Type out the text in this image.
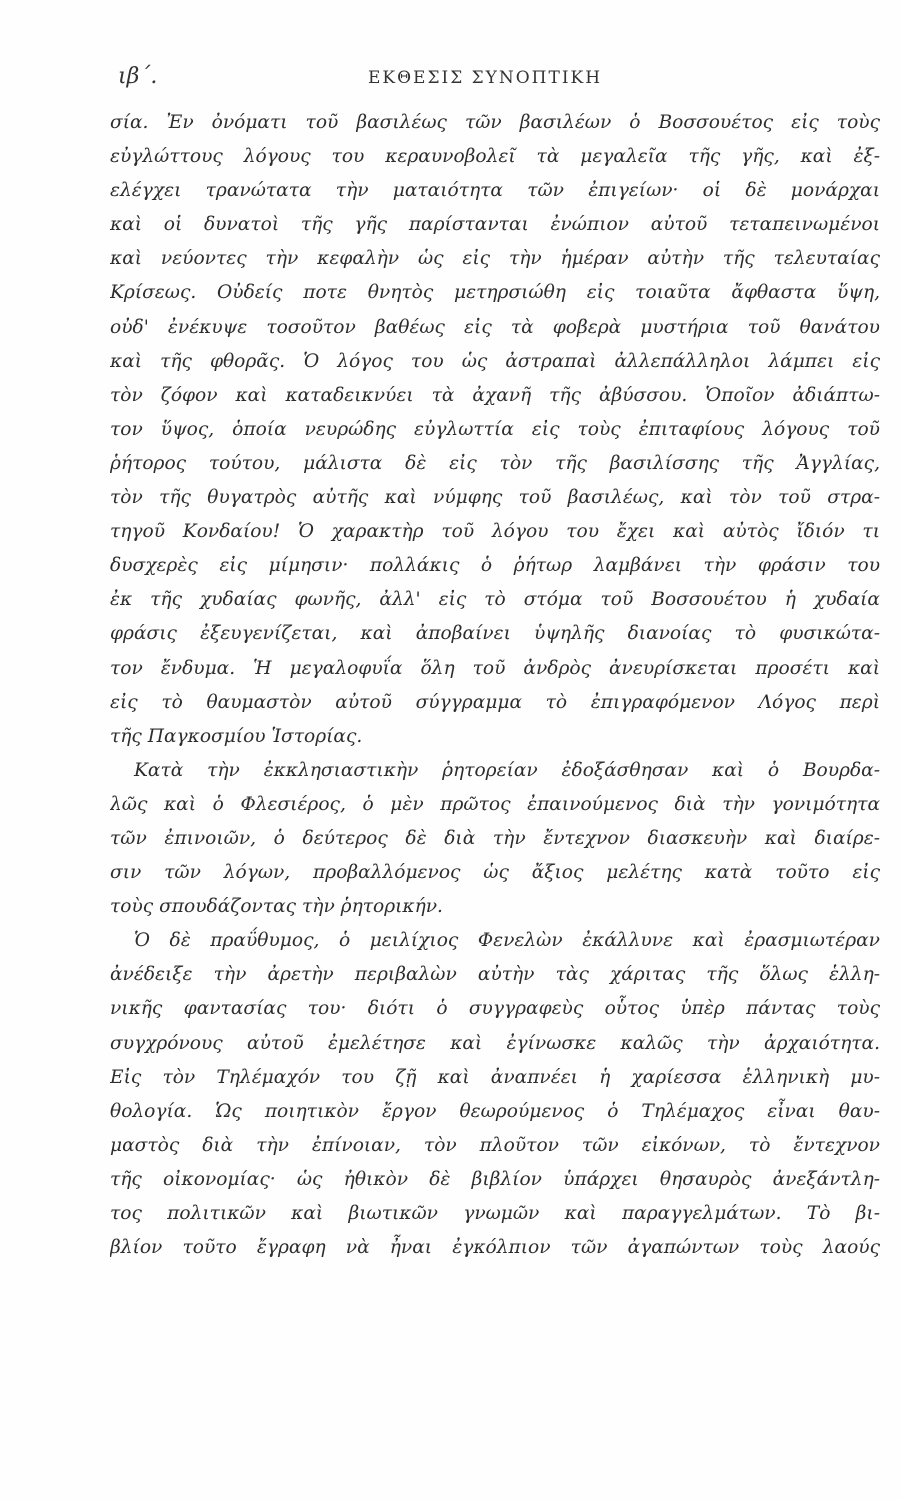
ιβ΄.	ΕΚΘΕΣΙΣ ΣΥΝΟΠΤΙΚΗ
σία. Ἐν ὀνόματι τοῦ βασιλέως τῶν βασιλέων ὁ Βοσσουέτος εἰς τοὺς
εὐγλώττους λόγους του κεραυνοβολεῖ τὰ μεγαλεῖα τῆς γῆς, καὶ ἐξ-
ελέγχει τρανώτατα τὴν ματαιότητα τῶν ἐπιγείων· οἱ δὲ μονάρχαι
καὶ οἱ δυνατοὶ τῆς γῆς παρίστανται ἐνώπιον αὐτοῦ τεταπεινωμένοι
καὶ νεύοντες τὴν κεφαλὴν ὡς εἰς τὴν ἡμέραν αὐτὴν τῆς τελευταίας
Κρίσεως. Οὐδείς ποτε θνητὸς μετηρσιώθη εἰς τοιαῦτα ἄφθαστα ὕψη,
οὐδ' ἐνέκυψε τοσοῦτον βαθέως εἰς τὰ φοβερὰ μυστήρια τοῦ θανάτου
καὶ τῆς φθορᾶς. Ὁ λόγος του ὡς ἀστραπαὶ ἀλλεπάλληλοι λάμπει εἰς
τὸν ζόφον καὶ καταδεικνύει τὰ ἀχανῆ τῆς ἀβύσσου. Ὁποῖον ἀδιάπτω-
τον ὕψος, ὁποία νευρώδης εὐγλωττία εἰς τοὺς ἐπιταφίους λόγους τοῦ
ῥήτορος τούτου, μάλιστα δὲ εἰς τὸν τῆς βασιλίσσης τῆς Ἀγγλίας,
τὸν τῆς θυγατρὸς αὐτῆς καὶ νύμφης τοῦ βασιλέως, καὶ τὸν τοῦ στρα-
τηγοῦ Κονδαίου! Ὁ χαρακτὴρ τοῦ λόγου του ἔχει καὶ αὐτὸς ἴδιόν τι
δυσχερὲς εἰς μίμησιν· πολλάκις ὁ ῥήτωρ λαμβάνει τὴν φράσιν του
ἐκ τῆς χυδαίας φωνῆς, ἀλλ' εἰς τὸ στόμα τοῦ Βοσσουέτου ἡ χυδαία
φράσις ἐξευγενίζεται, καὶ ἀποβαίνει ὑψηλῆς διανοίας τὸ φυσικώτα-
τον ἔνδυμα. Ἡ μεγαλοφυΐα ὅλη τοῦ ἀνδρὸς ἀνευρίσκεται προσέτι καὶ
εἰς τὸ θαυμαστὸν αὐτοῦ σύγγραμμα τὸ ἐπιγραφόμενον Λόγος περὶ
τῆς Παγκοσμίου Ἱστορίας.
Κατὰ τὴν ἐκκλησιαστικὴν ῥητορείαν ἐδοξάσθησαν καὶ ὁ Βουρδα-
λῶς καὶ ὁ Φλεσιέρος, ὁ μὲν πρῶτος ἐπαινούμενος διὰ τὴν γονιμότητα
τῶν ἐπινοιῶν, ὁ δεύτερος δὲ διὰ τὴν ἔντεχνον διασκευὴν καὶ διαίρε-
σιν τῶν λόγων, προβαλλόμενος ὡς ἄξιος μελέτης κατὰ τοῦτο εἰς
τοὺς σπουδάζοντας τὴν ῥητορικήν.
Ὁ δὲ πραΰθυμος, ὁ μειλίχιος Φενελὼν ἐκάλλυνε καὶ ἐρασμιωτέραν
ἀνέδειξε τὴν ἀρετὴν περιβαλὼν αὐτὴν τὰς χάριτας τῆς ὅλως ἑλλη-
νικῆς φαντασίας του· διότι ὁ συγγραφεὺς οὗτος ὑπὲρ πάντας τοὺς
συγχρόνους αὐτοῦ ἐμελέτησε καὶ ἐγίνωσκε καλῶς τὴν ἀρχαιότητα.
Εἰς τὸν Τηλέμαχόν του ζῇ καὶ ἀναπνέει ἡ χαρίεσσα ἑλληνικὴ μυ-
θολογία. Ὡς ποιητικὸν ἔργον θεωρούμενος ὁ Τηλέμαχος εἶναι θαυ-
μαστὸς διὰ τὴν ἐπίνοιαν, τὸν πλοῦτον τῶν εἰκόνων, τὸ ἔντεχνον
τῆς οἰκονομίας· ὡς ἠθικὸν δὲ βιβλίον ὑπάρχει θησαυρὸς ἀνεξάντλη-
τος πολιτικῶν καὶ βιωτικῶν γνωμῶν καὶ παραγγελμάτων. Τὸ βι-
βλίον τοῦτο ἔγραφη νὰ ἦναι ἐγκόλπιον τῶν ἀγαπώντων τοὺς λαούς
